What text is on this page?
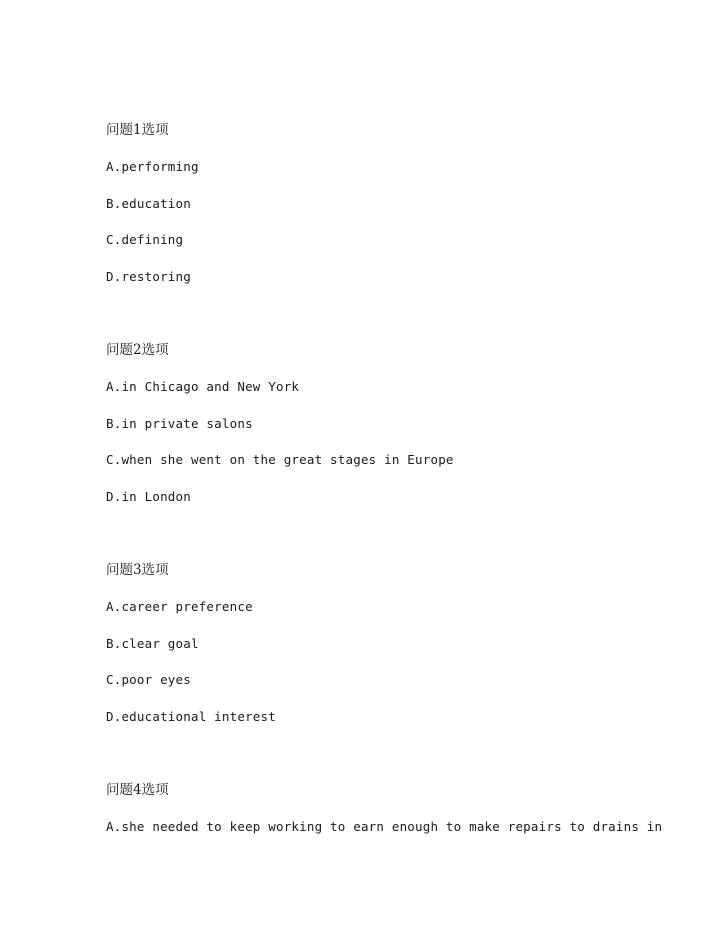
问题1选项
A.performing
B.education
C.defining
D.restoring
问题2选项
A.in Chicago and New York
B.in private salons
C.when she went on the great stages in Europe
D.in London
问题3选项
A.career preference
B.clear goal
C.poor eyes
D.educational interest
问题4选项
A.she needed to keep working to earn enough to make repairs to drains in
